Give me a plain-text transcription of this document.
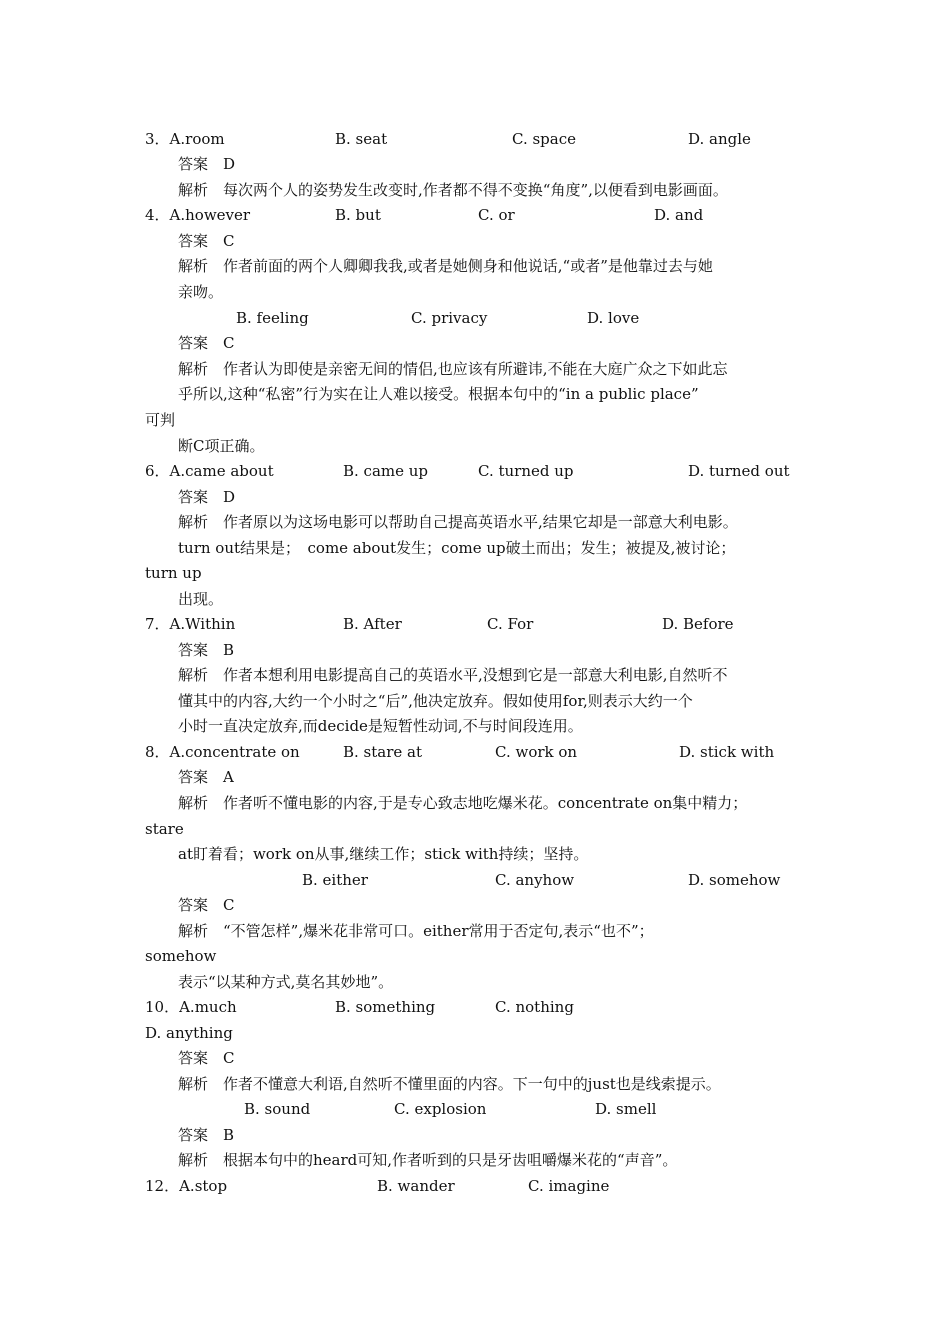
3．A.room	B. seat	C. space	D. angle
答案　D
解析　每次两个人的姿势发生改变时,作者都不得不变换“角度”,以便看到电影画面。
4．A.however	B. but	C. or	D. and
答案　C
解析　作者前面的两个人卿卿我我,或者是她侧身和他说话,“或者”是他靠过去与她
亲吻。
B. feeling	C. privacy	D. love
答案　C
解析　作者认为即使是亲密无间的情侣,也应该有所避讳,不能在大庭广众之下如此忘
乎所以,这种“私密”行为实在让人难以接受。根据本句中的“in a public place”
可判
断C项正确。
6．A.came about	B. came up	C. turned up	D. turned out
答案　D
解析　作者原以为这场电影可以帮助自己提高英语水平,结果它却是一部意大利电影。
turn out结果是；　come about发生；come up破土而出；发生；被提及,被讨论；
turn up
出现。
7．A.Within	B. After	C. For	D. Before
答案　B
解析　作者本想利用电影提高自己的英语水平,没想到它是一部意大利电影,自然听不
懂其中的内容,大约一个小时之“后”,他决定放弃。假如使用for,则表示大约一个
小时一直决定放弃,而decide是短暂性动词,不与时间段连用。
8．A.concentrate on	B. stare at	C. work on	D. stick with
答案　A
解析　作者听不懂电影的内容,于是专心致志地吃爆米花。concentrate on集中精力；
stare
at盯着看；work on从事,继续工作；stick with持续；坚持。
B. either	C. anyhow	D. somehow
答案　C
解析　“不管怎样”,爆米花非常可口。either常用于否定句,表示“也不”；
somehow
表示“以某种方式,莫名其妙地”。
10．A.much	B. something	C. nothing
D. anything
答案　C
解析　作者不懂意大利语,自然听不懂里面的内容。下一句中的just也是线索提示。
B. sound	C. explosion	D. smell
答案　B
解析　根据本句中的heard可知,作者听到的只是牙齿咀嚼爆米花的“声音”。
12．A.stop	B. wander	C. imagine
